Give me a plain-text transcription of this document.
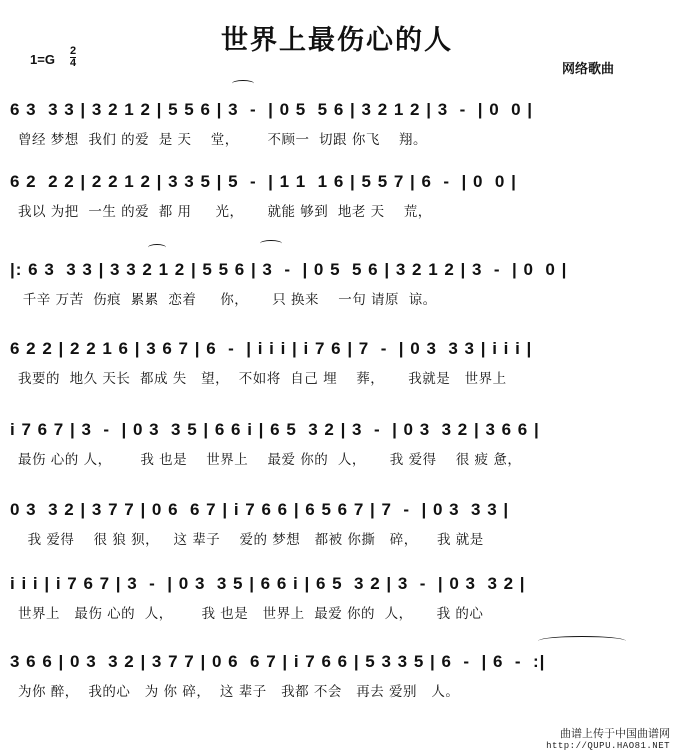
世界上最伤心的人
$1=G \frac{2}{4}$
网络歌曲
6 3  3 3 | 3 2 1 2 | 5 5 6 | 3  -  | 0 5  5 6 | 3 2 1 2 | 3  -  | 0  0 |
曾经 梦想  我们 的爱  是 天    堂，      不顾一  切跟 你飞    翔。
6 2  2 2 | 2 2 1 2 | 3 3 5 | 5  -  | 1 1  1 6 | 5 5 7 | 6  -  | 0  0 |
我以 为把  一生 的爱  都 用     光，     就能 够到  地老 天    荒，
|: 6 3  3 3 | 3 3 2 1 2 | 5 5 6 | 3  -  | 0 5  5 6 | 3 2 1 2 | 3  -  | 0  0 |
千辛 万苦  伤痕  累累  恋着     你，     只 换来    一句 请原  谅。
6 2 2 | 2 2 1 6 | 3 6 7 | 6  -  | i i i | i 7 6 | 7  -  | 0 3  3 3 | i i i |
我要的  地久 天长  都成 失   望，  不如将  自己 埋    葬，     我就是   世界上
i 7 6 7 | 3  -  | 0 3  3 5 | 6 6 i | 6 5  3 2 | 3  -  | 0 3  3 2 | 3 6 6 |
最伤 心的 人，      我 也是    世界上    最爱 你的  人，     我 爱得    很 疲 惫，
0 3  3 2 | 3 7 7 | 0 6  6 7 | i 7 6 6 | 6 5 6 7 | 7  -  | 0 3  3 3 |
我 爱得    很 狼 狈，   这 辈子    爱的 梦想   都被 你撕   碎，    我 就是
i i i | i 7 6 7 | 3  -  | 0 3  3 5 | 6 6 i | 6 5  3 2 | 3  -  | 0 3  3 2 |
世界上   最伤 心的  人，      我 也是   世界上  最爱 你的  人，     我 的心
3 6 6 | 0 3  3 2 | 3 7 7 | 0 6  6 7 | i 7 6 6 | 5 3 3 5 | 6  -  | 6  -  :|
为你 醉，  我的心   为 你 碎，  这 辈子   我都 不会   再去 爱别   人。
曲谱上传于中国曲谱网
http://QUPU.HAO81.NET
